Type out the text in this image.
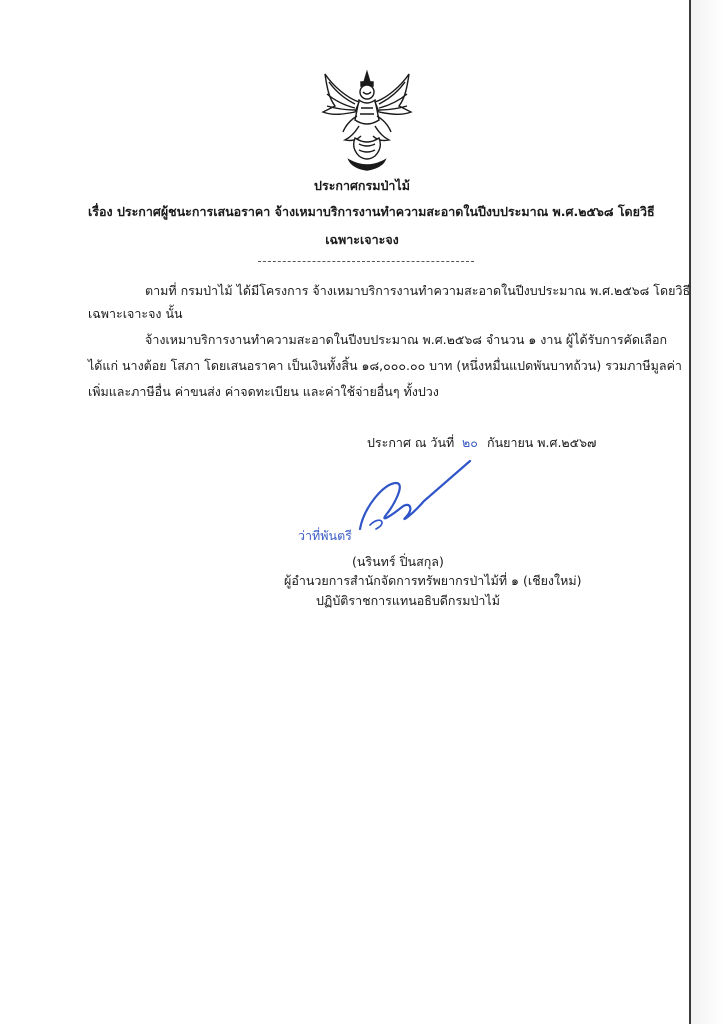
ประกาศกรมป่าไม้
เรื่อง ประกาศผู้ชนะการเสนอราคา จ้างเหมาบริการงานทำความสะอาดในปีงบประมาณ พ.ศ.๒๕๖๘ โดยวิธี
เฉพาะเจาะจง
ตามที่ กรมป่าไม้ ได้มีโครงการ จ้างเหมาบริการงานทำความสะอาดในปีงบประมาณ พ.ศ.๒๕๖๘ โดยวิธี
เฉพาะเจาะจง นั้น
จ้างเหมาบริการงานทำความสะอาดในปีงบประมาณ พ.ศ.๒๕๖๘ จำนวน ๑ งาน ผู้ได้รับการคัดเลือก
ได้แก่ นางต้อย โสภา โดยเสนอราคา เป็นเงินทั้งสิ้น ๑๘,๐๐๐.๐๐ บาท (หนึ่งหมื่นแปดพันบาทถ้วน) รวมภาษีมูลค่า
เพิ่มและภาษีอื่น ค่าขนส่ง ค่าจดทะเบียน และค่าใช้จ่ายอื่นๆ ทั้งปวง
ประกาศ ณ วันที่ ๒๐ กันยายน พ.ศ.๒๕๖๗
ว่าที่พันตรี
(นรินทร์ ปิ่นสกุล)
ผู้อำนวยการสำนักจัดการทรัพยากรป่าไม้ที่ ๑ (เชียงใหม่)
ปฏิบัติราชการแทนอธิบดีกรมป่าไม้
